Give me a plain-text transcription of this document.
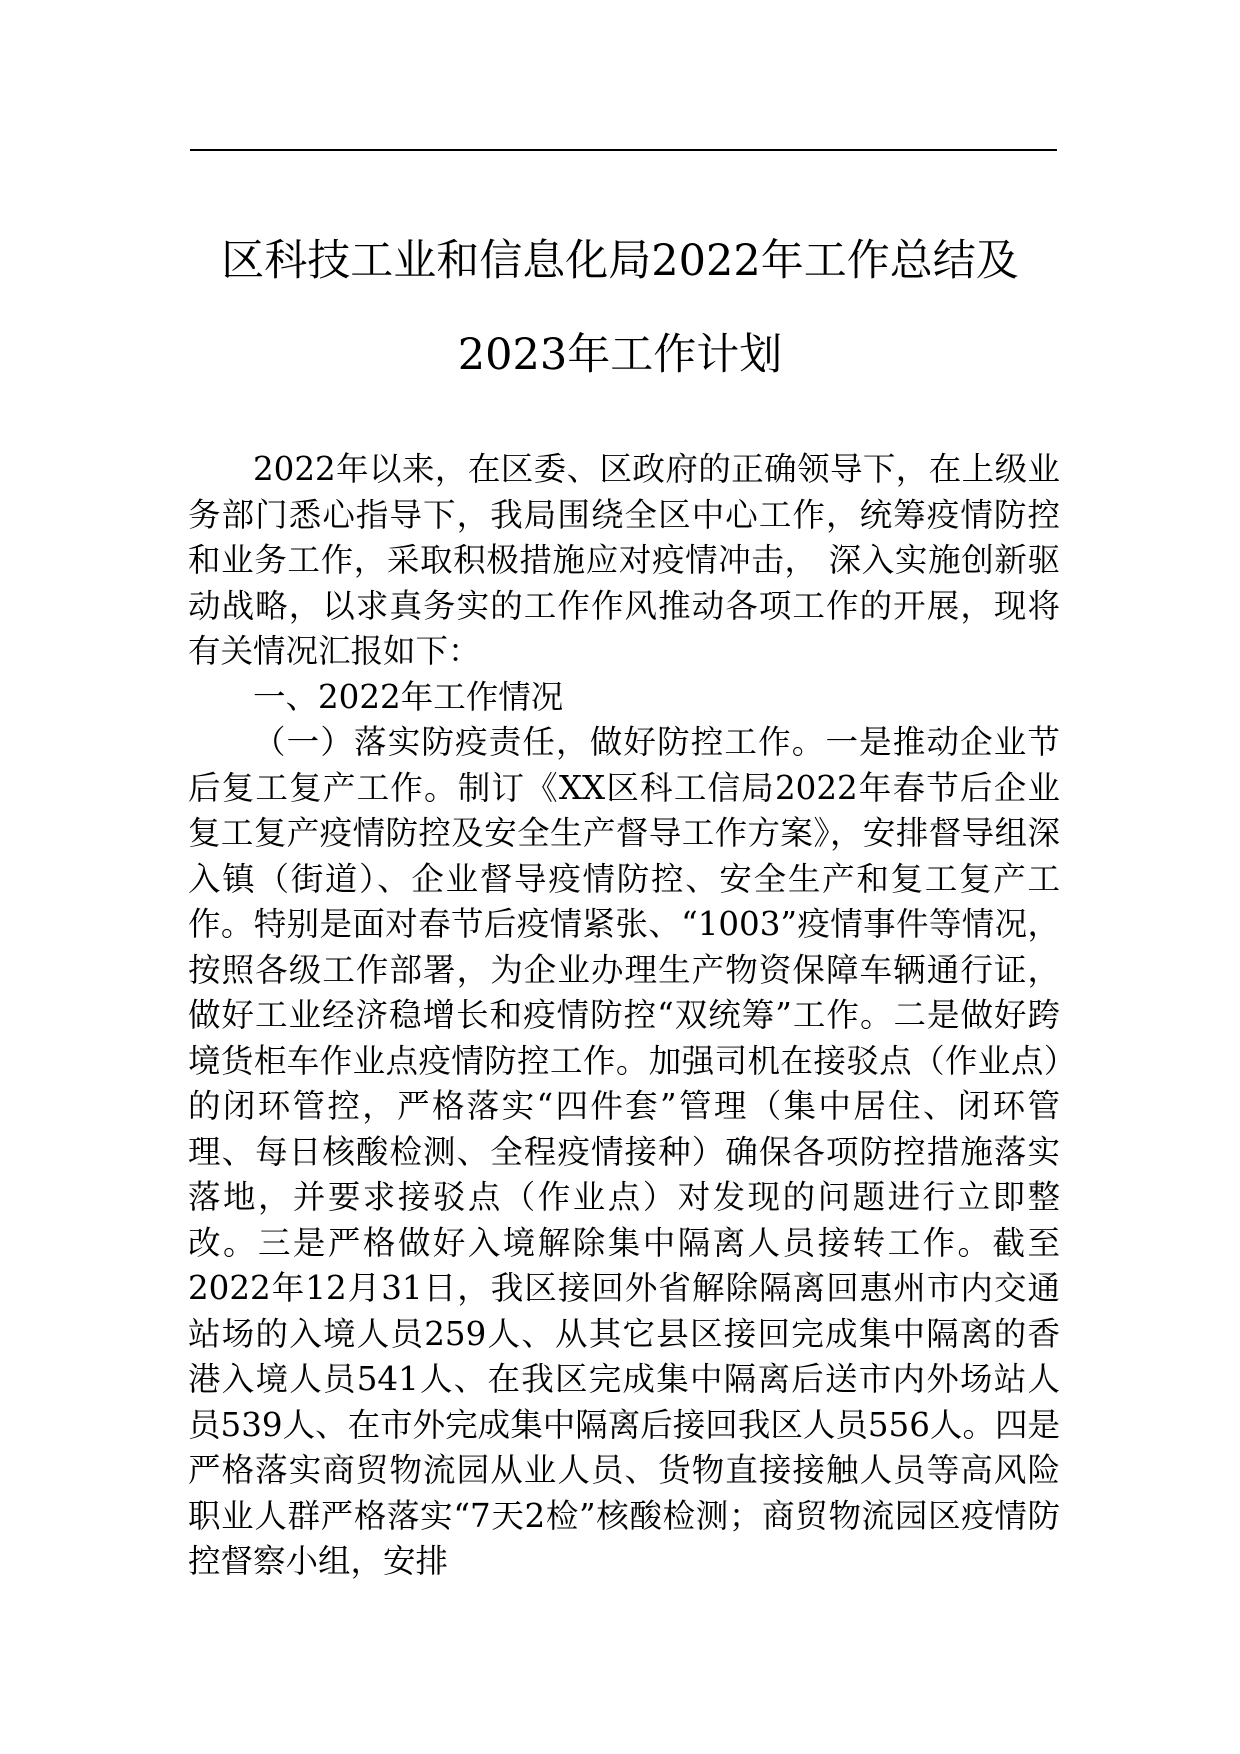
区科技工业和信息化局2022年工作总结及
2023年工作计划

2022年以来，在区委、区政府的正确领导下，在上级业务部门悉心指导下，我局围绕全区中心工作，统筹疫情防控和业务工作，采取积极措施应对疫情冲击， 深入实施创新驱动战略，以求真务实的工作作风推动各项工作的开展，现将有关情况汇报如下：

一、2022年工作情况

（一）落实防疫责任，做好防控工作。一是推动企业节后复工复产工作。制订《XX区科工信局2022年春节后企业复工复产疫情防控及安全生产督导工作方案》，安排督导组深入镇（街道）、企业督导疫情防控、安全生产和复工复产工作。特别是面对春节后疫情紧张、“1003”疫情事件等情况，按照各级工作部署，为企业办理生产物资保障车辆通行证，做好工业经济稳增长和疫情防控“双统筹”工作。二是做好跨境货柜车作业点疫情防控工作。加强司机在接驳点（作业点）的闭环管控，严格落实“四件套”管理（集中居住、闭环管理、每日核酸检测、全程疫情接种）确保各项防控措施落实落地，并要求接驳点（作业点）对发现的问题进行立即整改。三是严格做好入境解除集中隔离人员接转工作。截至2022年12月31日，我区接回外省解除隔离回惠州市内交通站场的入境人员259人、从其它县区接回完成集中隔离的香港入境人员541人、在我区完成集中隔离后送市内外场站人员539人、在市外完成集中隔离后接回我区人员556人。四是严格落实商贸物流园从业人员、货物直接接触人员等高风险职业人群严格落实“7天2检”核酸检测；商贸物流园区疫情防控督察小组，安排
